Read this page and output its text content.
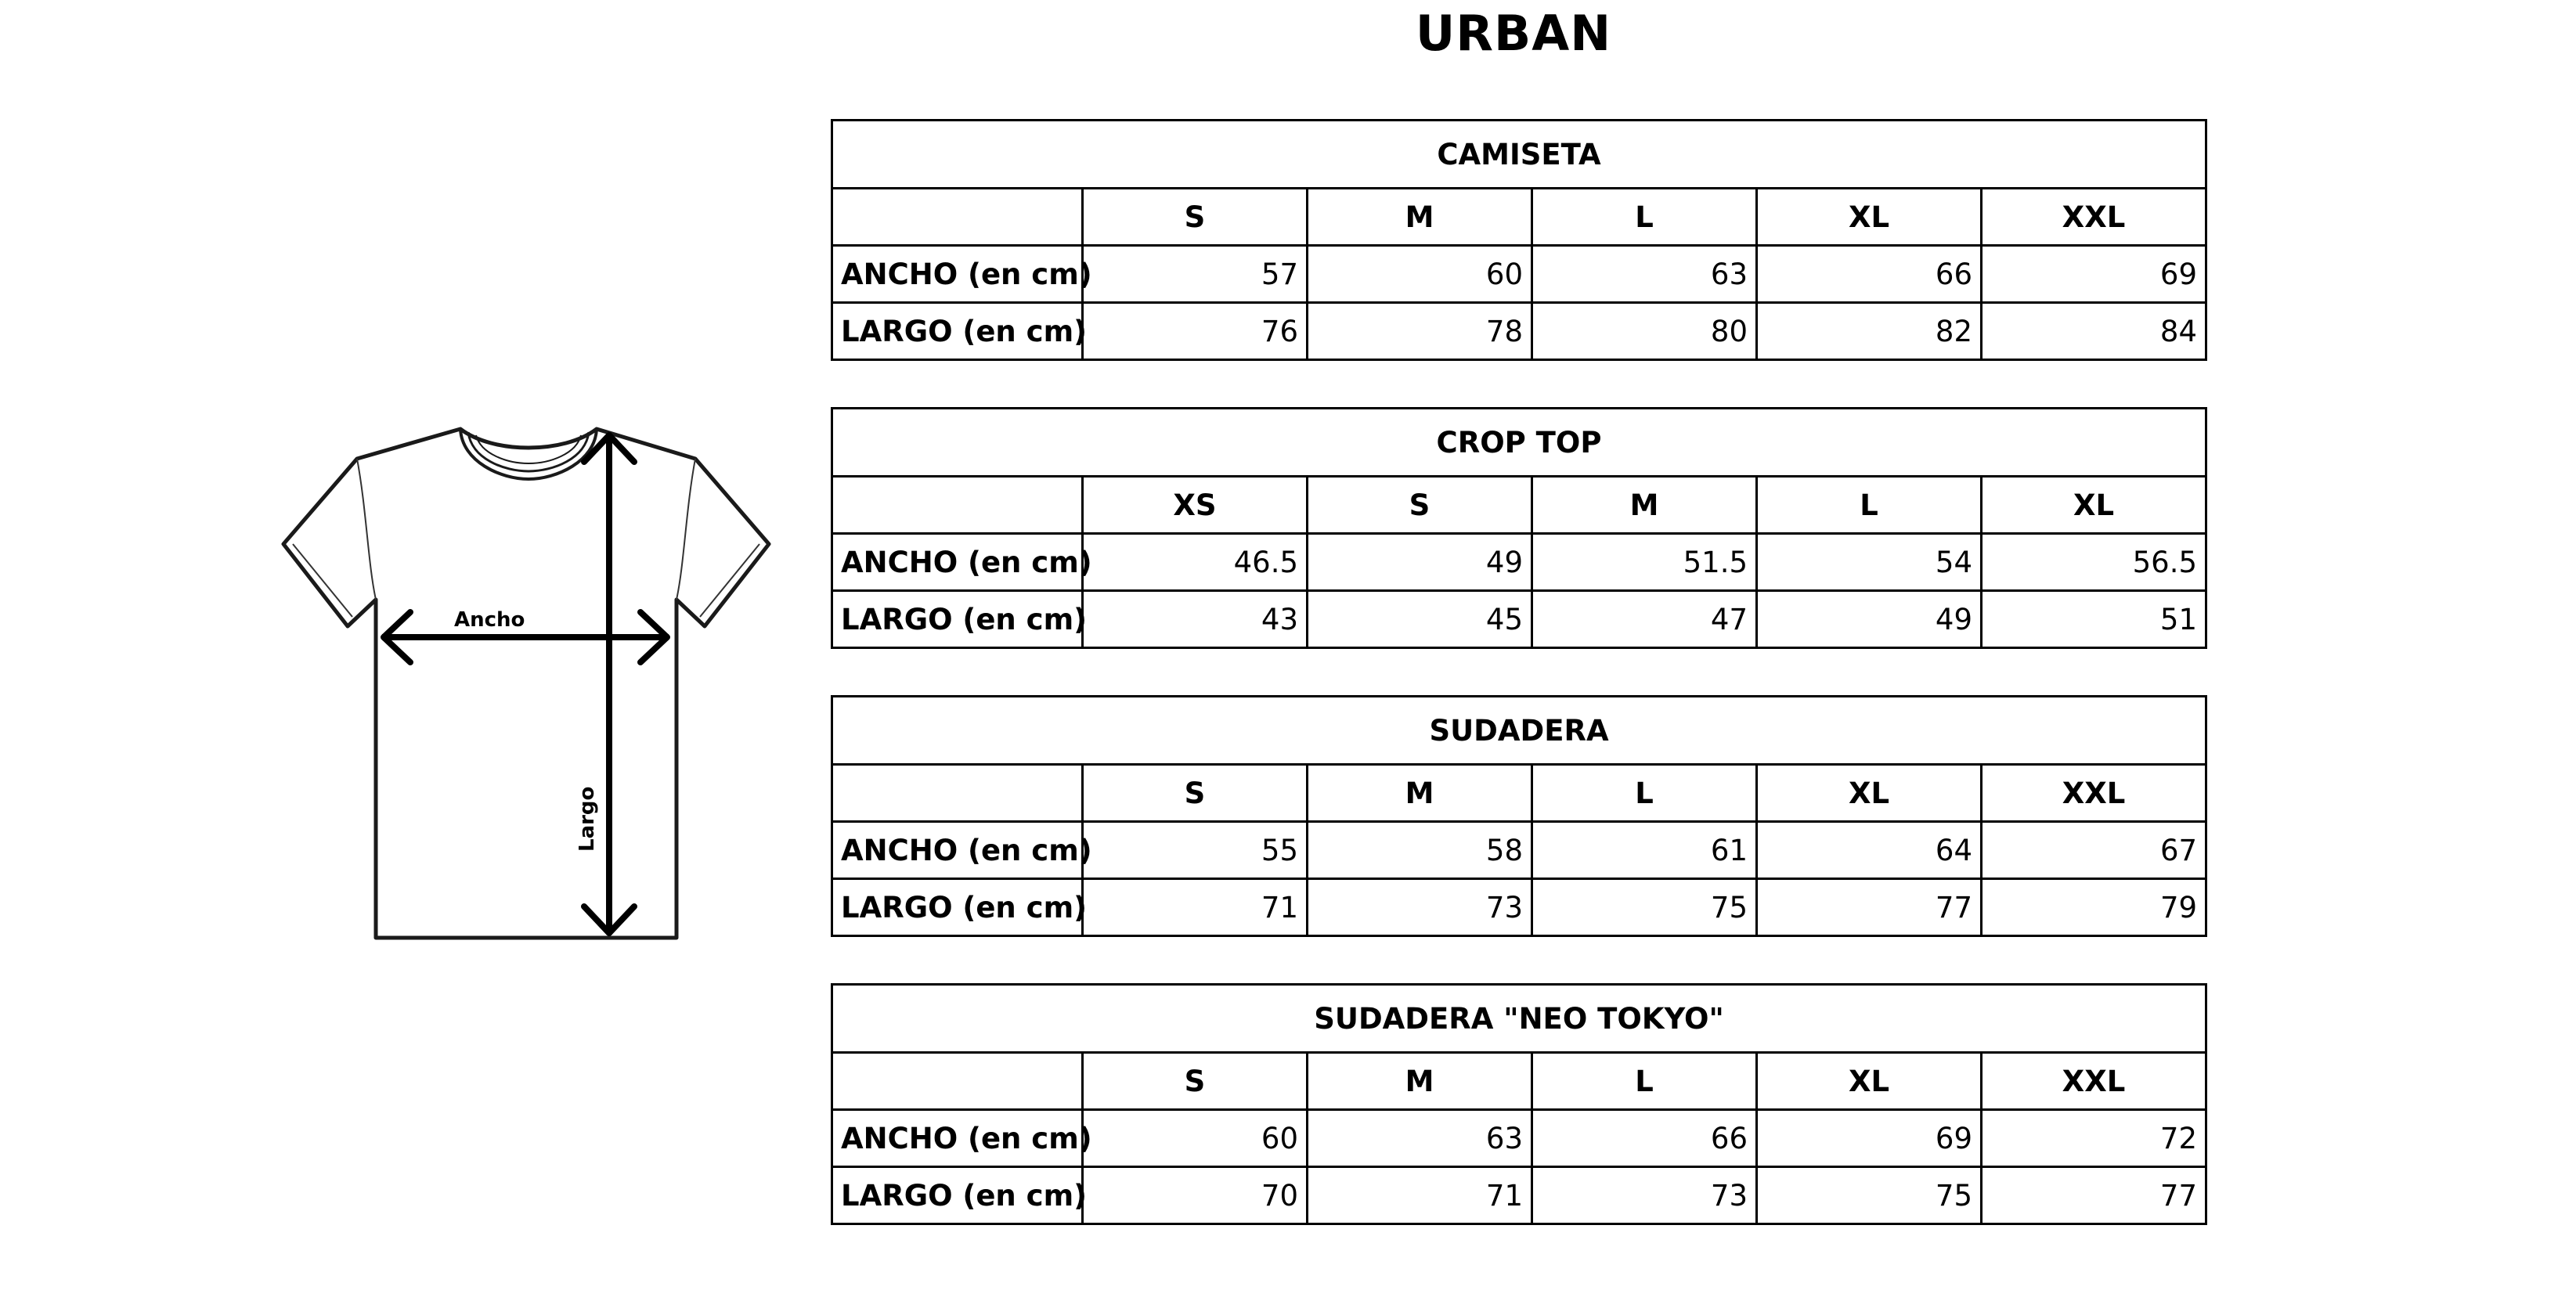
URBAN
Ancho
Largo
CAMISETA					
	S	M	L	XL	XXL
ANCHO (en cm)	57	60	63	66	69
LARGO (en cm)	76	78	80	82	84
CROP TOP					
	XS	S	M	L	XL
ANCHO (en cm)	46.5	49	51.5	54	56.5
LARGO (en cm)	43	45	47	49	51
SUDADERA					
	S	M	L	XL	XXL
ANCHO (en cm)	55	58	61	64	67
LARGO (en cm)	71	73	75	77	79
SUDADERA "NEO TOKYO"					
	S	M	L	XL	XXL
ANCHO (en cm)	60	63	66	69	72
LARGO (en cm)	70	71	73	75	77
